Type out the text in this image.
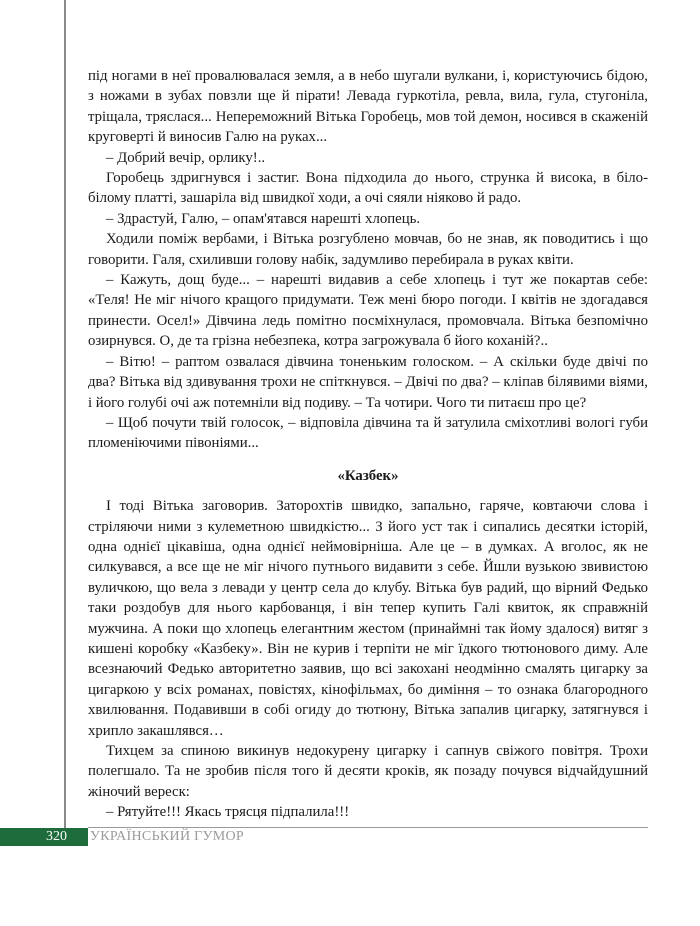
під ногами в неї провалювалася земля, а в небо шугали вулкани, і, користуючись бідою, з ножами в зубах повзли ще й пірати! Левада гуркотіла, ревла, вила, гула, стугоніла, тріщала, тряслася... Непереможний Вітька Горобець, мов той демон, носився в скаженій круговерті й виносив Галю на руках...

– Добрий вечір, орлику!..

Горобець здригнувся і застиг. Вона підходила до нього, струнка й висока, в біло-білому платті, зашаріла від швидкої ходи, а очі сяяли ніяково й радо.

– Здрастуй, Галю, – опам'ятався нарешті хлопець.

Ходили поміж вербами, і Вітька розгублено мовчав, бо не знав, як поводитись і що говорити. Галя, схиливши голову набік, задумливо перебирала в руках квіти.

– Кажуть, дощ буде... – нарешті видавив а себе хлопець і тут же покартав себе: «Теля! Не міг нічого кращого придумати. Теж мені бюро погоди. І квітів не здогадався принести. Осел!» Дівчина ледь помітно посміхнулася, промовчала. Вітька безпомічно озирнувся. О, де та грізна небезпека, котра загрожувала б його коханій?..

– Вітю! – раптом озвалася дівчина тоненьким голоском. – А скільки буде двічі по два? Вітька від здивування трохи не спіткнувся. – Двічі по два? – кліпав білявими віями, і його голубі очі аж потемніли від подиву. – Та чотири. Чого ти питаєш про це?

– Щоб почути твій голосок, – відповіла дівчина та й затулила сміхотливі вологі губи пломеніючими півоніями...

«Казбек»

І тоді Вітька заговорив. Заторохтів швидко, запально, гаряче, ковтаючи слова і стріляючи ними з кулеметною швидкістю... З його уст так і сипались десятки історій, одна однієї цікавіша, одна однієї неймовірніша. Але це – в думках. А вголос, як не силкувався, а все ще не міг нічого путнього видавити з себе. Йшли вузькою звивистою вуличкою, що вела з левади у центр села до клубу. Вітька був радий, що вірний Федько таки роздобув для нього карбованця, і він тепер купить Галі квиток, як справжній мужчина. А поки що хлопець елегантним жестом (принаймні так йому здалося) витяг з кишені коробку «Казбеку». Він не курив і терпіти не міг їдкого тютюнового диму. Але всезнаючий Федько авторитетно заявив, що всі закохані неодмінно смалять цигарку за цигаркою у всіх романах, повістях, кінофільмах, бо диміння – то ознака благородного хвилювання. Подавивши в собі огиду до тютюну, Вітька запалив цигарку, затягнувся і хрипло закашлявся…

Тихцем за спиною викинув недокурену цигарку і сапнув свіжого повітря. Трохи полегшало. Та не зробив після того й десяти кроків, як позаду почувся відчайдушний жіночий вереск:

– Рятуйте!!! Якась трясця підпалила!!!

320 УКРАЇНСЬКИЙ ГУМОР
